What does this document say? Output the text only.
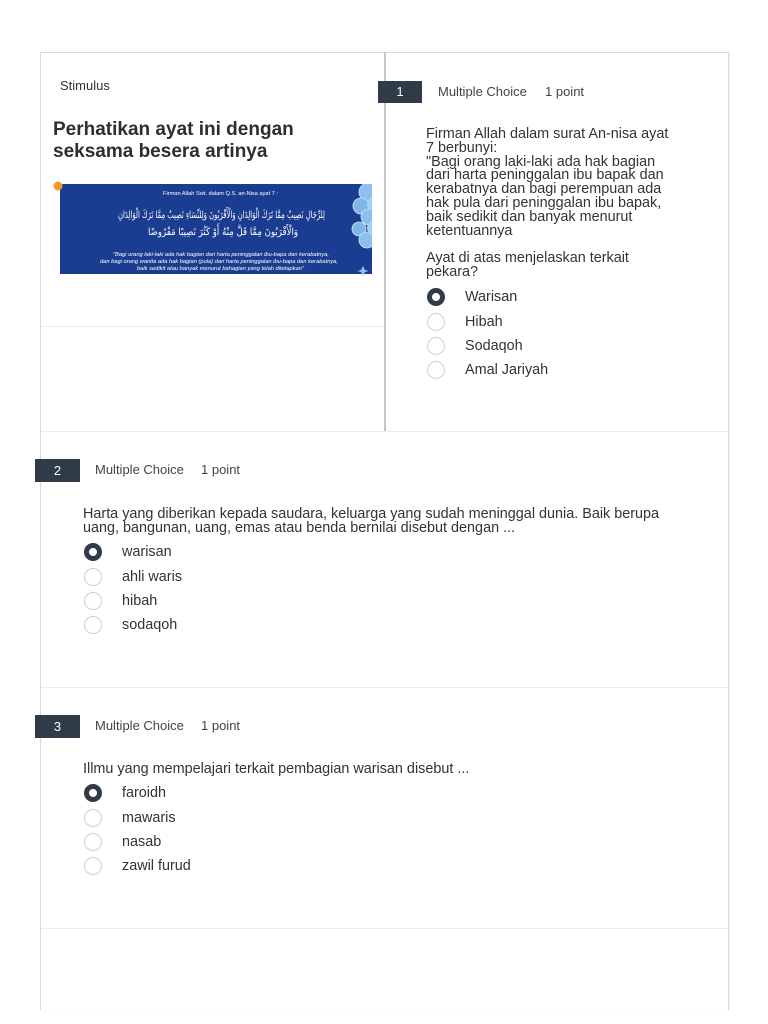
Stimulus
Perhatikan ayat ini dengan seksama besera artinya
Firman Allah Swt. dalam Q.S. an-Nisa ayat 7 :
لِلرِّجَالِ نَصِيبٌ مِمَّا تَرَكَ الْوَالِدَانِ وَالْأَقْرَبُونَ وَلِلنِّسَاءِ نَصِيبٌ مِمَّا تَرَكَ الْوَالِدَانِ
وَالْأَقْرَبُونَ مِمَّا قَلَّ مِنْهُ أَوْ كَثُرَ نَصِيبًا مَفْرُوضًا
"Bagi orang laki-laki ada hak bagian dari harta peninggalan ibu-bapa dan kerabatnya,
dan bagi orang wanita ada hak bagian (pula) dari harta peninggalan ibu-bapa dan kerabatnya,
baik sedikit atau banyak menurut bahagian yang telah ditetapkan"
1	Multiple Choice 1 point

Firman Allah dalam surat An-nisa ayat 7 berbunyi:

"Bagi orang laki-laki ada hak bagian dari harta peninggalan ibu bapak dan kerabatnya dan bagi perempuan ada hak pula dari peninggalan ibu bapak, baik sedikit dan banyak menurut ketentuannya

Ayat di atas menjelaskan terkait pekara?

Warisan
Hibah
Sodaqoh
Amal Jariyah
2	Multiple Choice 1 point

Harta yang diberikan kepada saudara, keluarga yang sudah meninggal dunia. Baik berupa uang, bangunan, uang, emas atau benda bernilai disebut dengan ...

warisan
ahli waris
hibah
sodaqoh
3	Multiple Choice 1 point

Illmu yang mempelajari terkait pembagian warisan disebut ...

faroidh
mawaris
nasab
zawil furud
